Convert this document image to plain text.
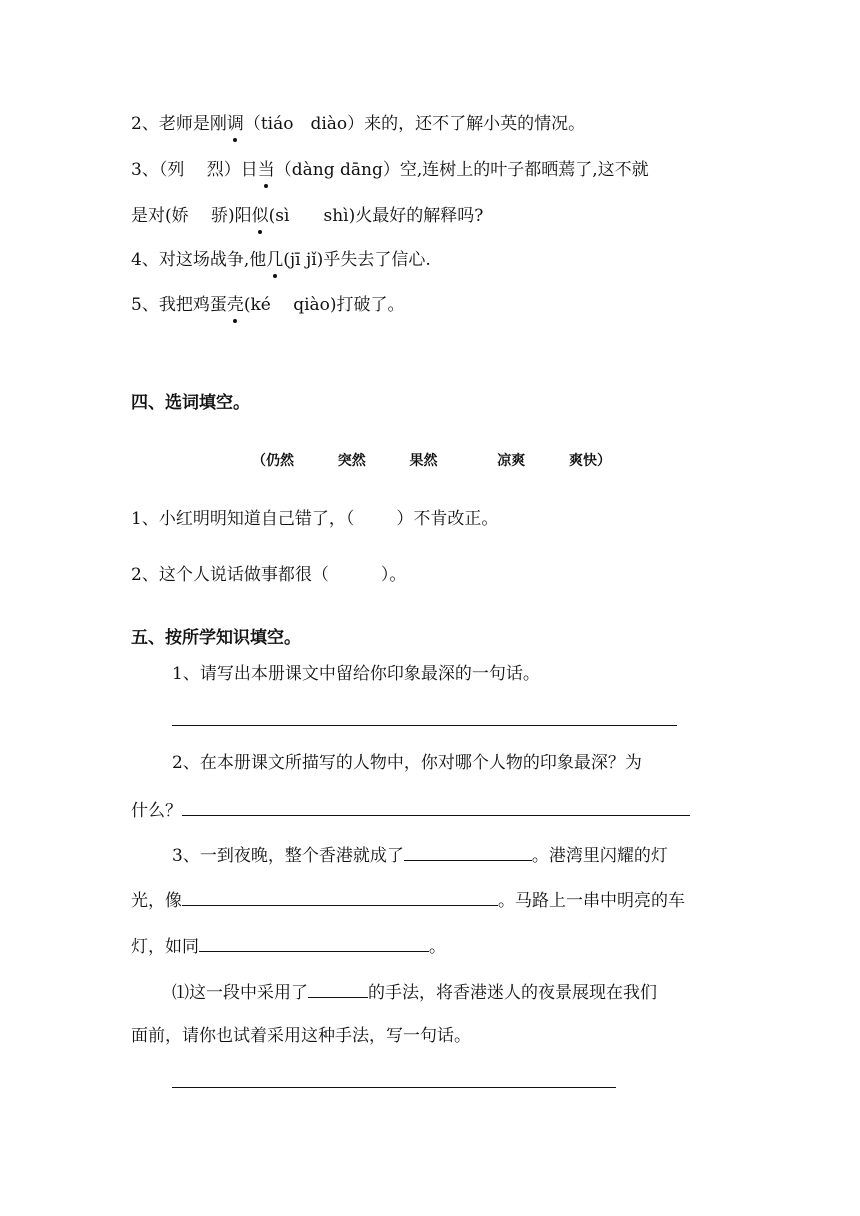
2、老师是刚调（tiáo　diào）来的，还不了解小英的情况。
3、（列　 烈）日当（dàng dāng）空,连树上的叶子都晒蔫了,这不就
是对(娇　 骄)阳似(sì　　shì)火最好的解释吗?
4、对这场战争,他几(jī jǐ)乎失去了信心.
5、我把鸡蛋壳(ké　 qiào)打破了。
四、选词填空。
（仍然	突然	果然	凉爽	爽快）
1、小红明明知道自己错了，（ ）不肯改正。
2、这个人说话做事都很（	）。
五、按所学知识填空。
1、请写出本册课文中留给你印象最深的一句话。
2、在本册课文所描写的人物中，你对哪个人物的印象最深？为
什么？
3、一到夜晚，整个香港就成了	。港湾里闪耀的灯
光，像	。马路上一串中明亮的车
灯，如同	。
⑴这一段中采用了	的手法，将香港迷人的夜景展现在我们
面前，请你也试着采用这种手法，写一句话。
